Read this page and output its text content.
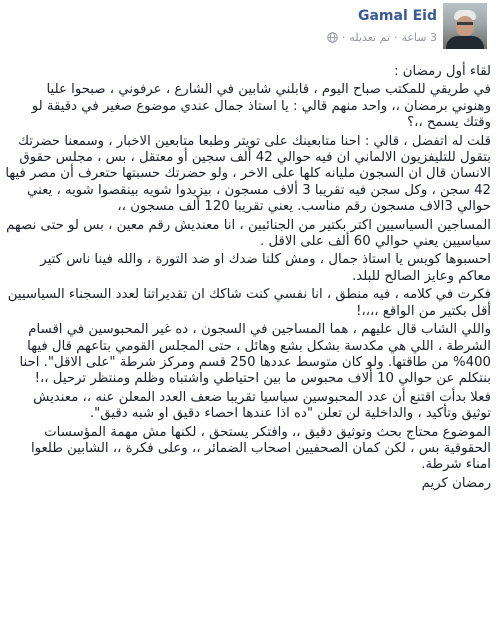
Gamal Eid
3 ساعة
·
تم تعديله
·

لقاء أول رمضان :

في طريقي للمكتب صباح اليوم ، قابلني شابين في الشارع ، عرفوني ، صبحوا عليا وهنوني برمضان ،، واحد منهم قالي : يا استاذ جمال عندي موضوع صغير في دقيقة لو وقتك يسمح ،،؟

قلت له اتفضل ، قالي : احنا متابعينك على تويتر وطبعا متابعين الاخبار ، وسمعنا حضرتك بتقول للتليفزيون الالماني ان فيه حوالي 42 ألف سجين أو معتقل ، بس ، مجلس حقوق الانسان قال ان السجون مليانه كلها على الاخر ، ولو حضرتك حسبتها حتعرف أن مصر فيها 42 سجن ، وكل سجن فيه تقريبا 3 ألاف مسجون ، بيزيدوا شويه بينقصوا شويه ، يعني حوالي 3الاف مسجون رقم مناسب. يعني تقريبا 120 ألف مسجون ،،

المساجين السياسيين اكتر بكتير من الجنائيين ، انا معنديش رقم معين ، بس لو حتى نصهم سياسيين يعني حوالي 60 ألف على الاقل .

احسبوها كويس يا استاذ جمال ، ومش كلنا ضدك او ضد التورة ، والله فينا ناس كتير معاكم وعايز الصالح للبلد.

فكرت في كلامه ، فيه منطق ، انا نفسي كنت شاكك ان تقديراتنا لعدد السجناء السياسيين أقل بكتير من الواقع ،،،،!

واللي الشاب قال عليهم ، هما المساجين في السجون ، ده غير المحبوسين في اقسام الشرطة ، اللي هي مكدسة بشكل بشع وهائل ، حتى المجلس القومي بتاعهم قال فيها 400% من طاقتها. ولو كان متوسط عددها 250 قسم ومركز شرطة "على الاقل". احنا بنتكلم عن حوالي 10 ألاف محبوس ما بين احتياطي واشتباه وظلم ومنتظر ترحيل ،،!

فعلا بدأت اقتنع أن عدد المحبوسين سياسيا تقريبا ضعف العدد المعلن عنه ،، معنديش توثيق وتأكيد ، والداخلية لن تعلن "ده اذا عندها احصاء دقيق او شبه دقيق".

الموضوع محتاج بحث وتوثيق دقيق ،، وافتكر يستحق ، لكنها مش مهمة المؤسسات الحقوقية بس ، لكن كمان الصحفيين اصحاب الضمائر ،، وعلى فكرة ،، الشابين طلعوا امناء شرطة.

رمضان كريم
